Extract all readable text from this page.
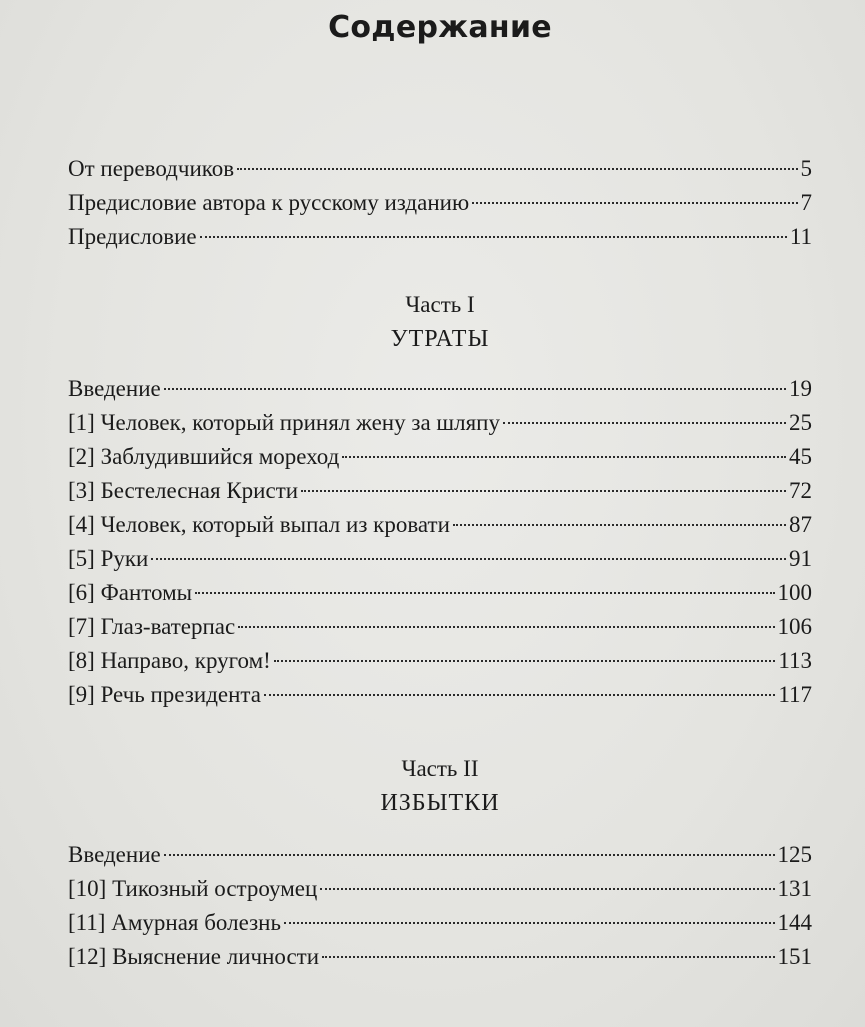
Содержание
От переводчиков	5
Предисловие автора к русскому изданию	7
Предисловие	11
Часть I
УТРАТЫ
Введение	19
[1] Человек, который принял жену за шляпу	25
[2] Заблудившийся мореход	45
[3] Бестелесная Кристи	72
[4] Человек, который выпал из кровати	87
[5] Руки	91
[6] Фантомы	100
[7] Глаз-ватерпас	106
[8] Направо, кругом!	113
[9] Речь президента	117
Часть II
ИЗБЫТКИ
Введение	125
[10] Тикозный остроумец	131
[11] Амурная болезнь	144
[12] Выяснение личности	151
